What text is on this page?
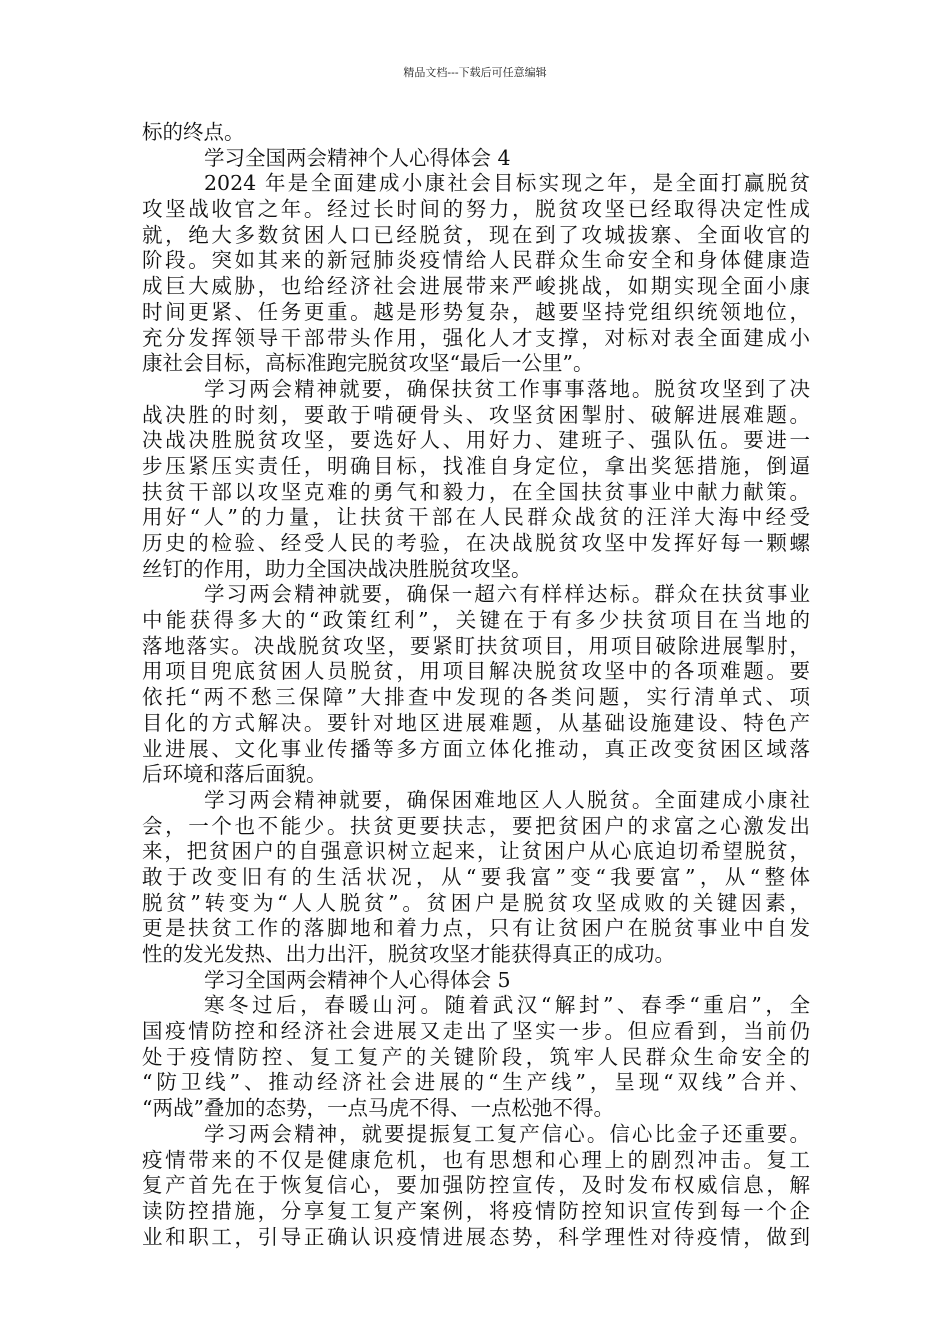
精品文档---下载后可任意编辑
标的终点。
学习全国两会精神个人心得体会 4
2024 年是全面建成小康社会目标实现之年，是全面打赢脱贫
攻坚战收官之年。经过长时间的努力，脱贫攻坚已经取得决定性成
就，绝大多数贫困人口已经脱贫，现在到了攻城拔寨、全面收官的
阶段。突如其来的新冠肺炎疫情给人民群众生命安全和身体健康造
成巨大威胁，也给经济社会进展带来严峻挑战，如期实现全面小康
时间更紧、任务更重。越是形势复杂，越要坚持党组织统领地位，
充分发挥领导干部带头作用，强化人才支撑，对标对表全面建成小
康社会目标，高标准跑完脱贫攻坚“最后一公里”。
学习两会精神就要，确保扶贫工作事事落地。脱贫攻坚到了决
战决胜的时刻，要敢于啃硬骨头、攻坚贫困掣肘、破解进展难题。
决战决胜脱贫攻坚，要选好人、用好力、建班子、强队伍。要进一
步压紧压实责任，明确目标，找准自身定位，拿出奖惩措施，倒逼
扶贫干部以攻坚克难的勇气和毅力，在全国扶贫事业中献力献策。
用好“人”的力量，让扶贫干部在人民群众战贫的汪洋大海中经受
历史的检验、经受人民的考验，在决战脱贫攻坚中发挥好每一颗螺
丝钉的作用，助力全国决战决胜脱贫攻坚。
学习两会精神就要，确保一超六有样样达标。群众在扶贫事业
中能获得多大的“政策红利”，关键在于有多少扶贫项目在当地的
落地落实。决战脱贫攻坚，要紧盯扶贫项目，用项目破除进展掣肘，
用项目兜底贫困人员脱贫，用项目解决脱贫攻坚中的各项难题。要
依托“两不愁三保障”大排查中发现的各类问题，实行清单式、项
目化的方式解决。要针对地区进展难题，从基础设施建设、特色产
业进展、文化事业传播等多方面立体化推动，真正改变贫困区域落
后环境和落后面貌。
学习两会精神就要，确保困难地区人人脱贫。全面建成小康社
会，一个也不能少。扶贫更要扶志，要把贫困户的求富之心激发出
来，把贫困户的自强意识树立起来，让贫困户从心底迫切希望脱贫，
敢于改变旧有的生活状况，从“要我富”变“我要富”，从“整体
脱贫”转变为“人人脱贫”。贫困户是脱贫攻坚成败的关键因素，
更是扶贫工作的落脚地和着力点，只有让贫困户在脱贫事业中自发
性的发光发热、出力出汗，脱贫攻坚才能获得真正的成功。
学习全国两会精神个人心得体会 5
寒冬过后，春暖山河。随着武汉“解封”、春季“重启”，全
国疫情防控和经济社会进展又走出了坚实一步。但应看到，当前仍
处于疫情防控、复工复产的关键阶段，筑牢人民群众生命安全的
“防卫线”、推动经济社会进展的“生产线”，呈现“双线”合并、
“两战”叠加的态势，一点马虎不得、一点松弛不得。
学习两会精神，就要提振复工复产信心。信心比金子还重要。
疫情带来的不仅是健康危机，也有思想和心理上的剧烈冲击。复工
复产首先在于恢复信心，要加强防控宣传，及时发布权威信息，解
读防控措施，分享复工复产案例，将疫情防控知识宣传到每一个企
业和职工，引导正确认识疫情进展态势，科学理性对待疫情，做到
